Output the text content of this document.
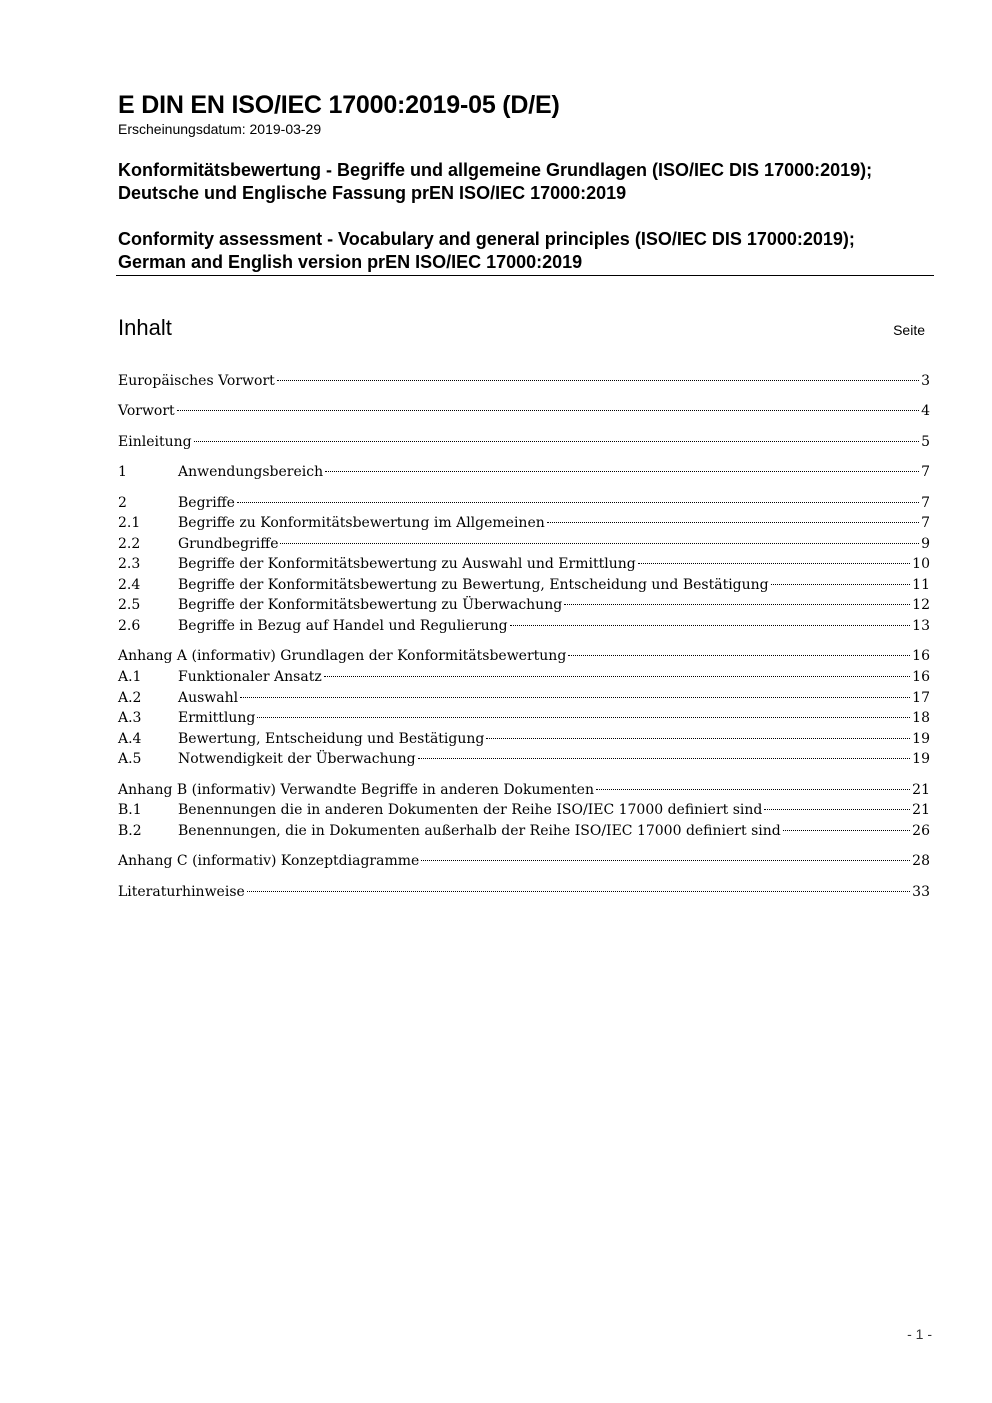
E DIN EN ISO/IEC 17000:2019-05 (D/E)
Erscheinungsdatum: 2019-03-29
Konformitätsbewertung - Begriffe und allgemeine Grundlagen (ISO/IEC DIS 17000:2019); Deutsche und Englische Fassung prEN ISO/IEC 17000:2019
Conformity assessment - Vocabulary and general principles (ISO/IEC DIS 17000:2019); German and English version prEN ISO/IEC 17000:2019
Inhalt	Seite
Europäisches Vorwort	3
Vorwort	4
Einleitung	5
1	Anwendungsbereich	7
2	Begriffe	7
2.1	Begriffe zu Konformitätsbewertung im Allgemeinen	7
2.2	Grundbegriffe	9
2.3	Begriffe der Konformitätsbewertung zu Auswahl und Ermittlung	10
2.4	Begriffe der Konformitätsbewertung zu Bewertung, Entscheidung und Bestätigung	11
2.5	Begriffe der Konformitätsbewertung zu Überwachung	12
2.6	Begriffe in Bezug auf Handel und Regulierung	13
Anhang A (informativ) Grundlagen der Konformitätsbewertung	16
A.1	Funktionaler Ansatz	16
A.2	Auswahl	17
A.3	Ermittlung	18
A.4	Bewertung, Entscheidung und Bestätigung	19
A.5	Notwendigkeit der Überwachung	19
Anhang B (informativ) Verwandte Begriffe in anderen Dokumenten	21
B.1	Benennungen die in anderen Dokumenten der Reihe ISO/IEC 17000 definiert sind	21
B.2	Benennungen, die in Dokumenten außerhalb der Reihe ISO/IEC 17000 definiert sind	26
Anhang C (informativ) Konzeptdiagramme	28
Literaturhinweise	33
- 1 -
